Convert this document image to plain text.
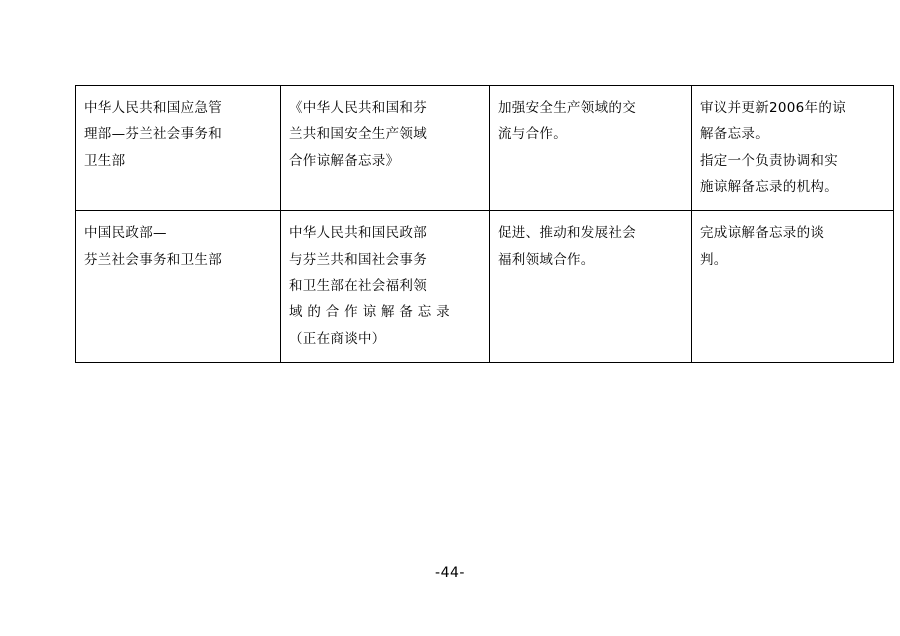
中华人民共和国应急管
理部—芬兰社会事务和
卫生部	《中华人民共和国和芬
兰共和国安全生产领域
合作谅解备忘录》	加强安全生产领域的交
流与合作。	审议并更新2006年的谅
解备忘录。
指定一个负责协调和实
施谅解备忘录的机构。

中国民政部—
芬兰社会事务和卫生部	中华人民共和国民政部
与芬兰共和国社会事务
和卫生部在社会福利领
域 的 合 作 谅 解 备 忘 录
（正在商谈中）	促进、推动和发展社会
福利领域合作。	完成谅解备忘录的谈
判。
-44-
